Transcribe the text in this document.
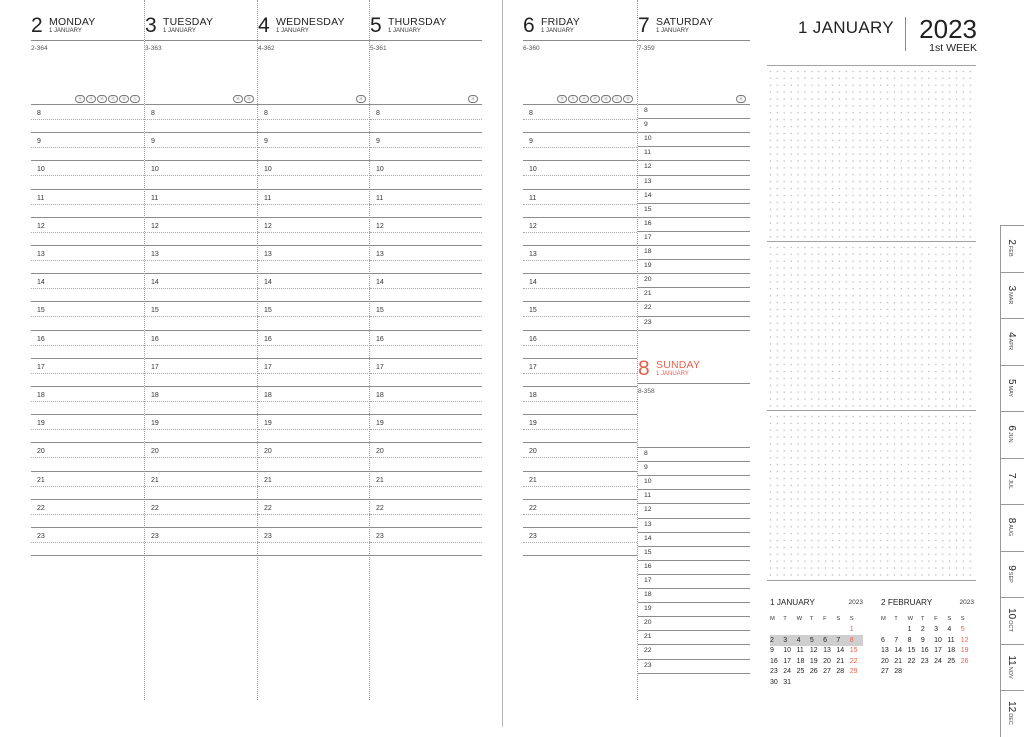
2 MONDAY
1 JANUARY
2-364
㊊	㊋	㊌	㊍	㊎	㊏
8
9
10
11
12
13
14
15
16
17
18
19
20
21
22
23
3 TUESDAY
1 JANUARY
3-363
㊌	㊍
8
9
10
11
12
13
14
15
16
17
18
19
20
21
22
23
4 WEDNESDAY
1 JANUARY
4-362
㊌
8
9
10
11
12
13
14
15
16
17
18
19
20
21
22
23
5 THURSDAY
1 JANUARY
5-361
㊌
8
9
10
11
12
13
14
15
16
17
18
19
20
21
22
23
1 JANUARY 2023
1st WEEK
2FEB
3MAR
4APR
5MAY
6JUN
7JUL
8AUG
9SEP
10OCT
11NOV
12DEC
6 FRIDAY
1 JANUARY
6-360
㊊	㊋	㊌	㊍	㊎	㊏	㊐
8
9
10
11
12
13
14
15
16
17
18
19
20
21
22
23
7 SATURDAY
1 JANUARY
7-359
㊌
8
9
10
11
12
13
14
15
16
17
18
19
20
21
22
23
8 SUNDAY
1 JANUARY
8-358
8
9
10
11
12
13
14
15
16
17
18
19
20
21
22
23
1 JANUARY	2023
M	T	W	T	F	S	S
						1
2	3	4	5	6	7	8
9	10	11	12	13	14	15
16	17	18	19	20	21	22
23	24	25	26	27	28	29
30	31					
2 FEBRUARY	2023
M	T	W	T	F	S	S
		1	2	3	4	5
6	7	8	9	10	11	12
13	14	15	16	17	18	19
20	21	22	23	24	25	26
27	28					
